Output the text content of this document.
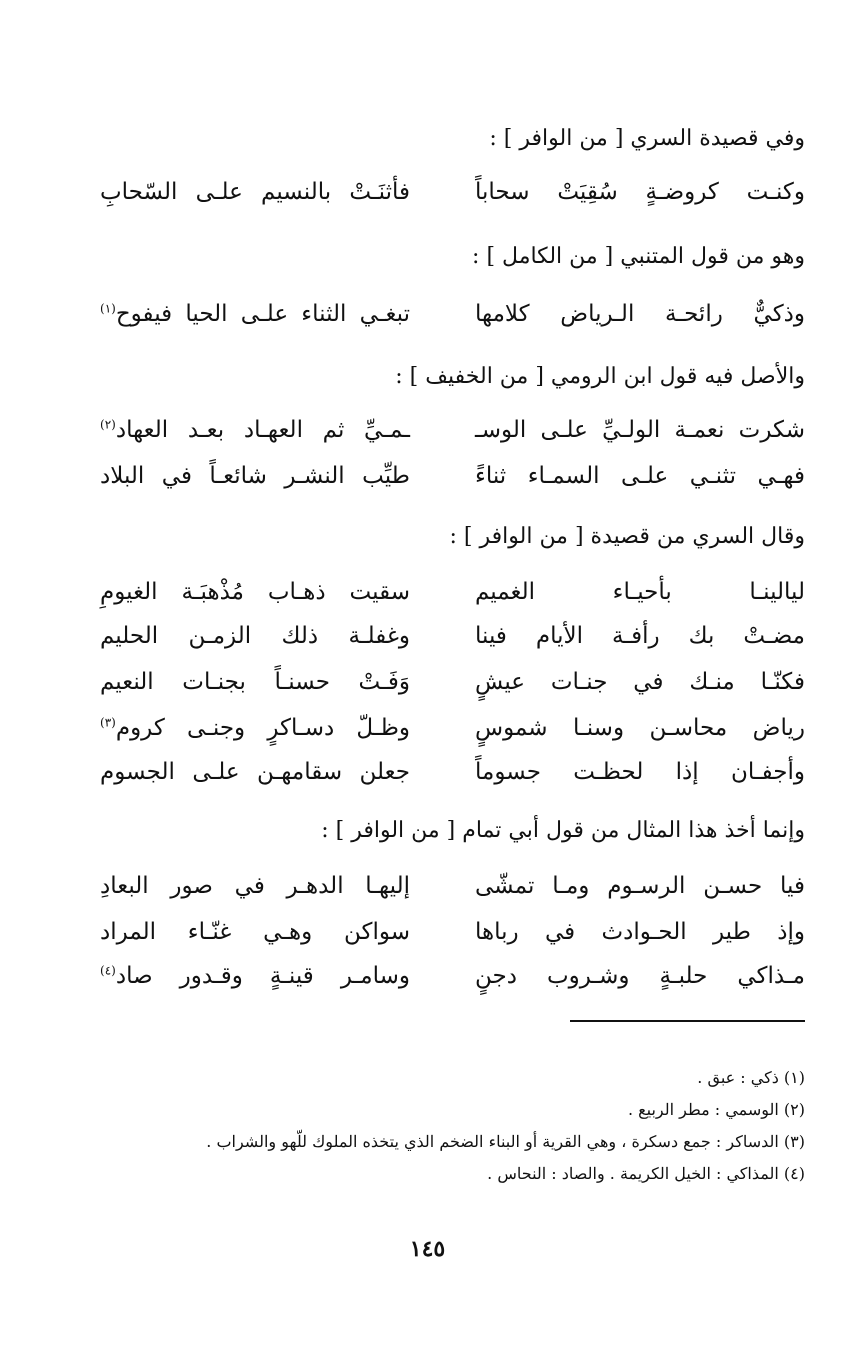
وفي قصيدة السري [ من الوافر ] :
وكنـت كروضـةٍ سُقِيَتْ سحاباً
فأثنَـتْ بالنسيم علـى السّحابِ
وهو من قول المتنبي [ من الكامل ] :
وذكيٌّ رائحـة الـرياض كلامها
تبغـي الثناء علـى الحيا فيفوح$^{(١)}$
والأصل فيه قول ابن الرومي [ من الخفيف ] :
شكرت نعمـة الولـيِّ علـى الوسـ
ـمـيِّ ثم العهـاد بعـد العهاد$^{(٢)}$
فهـي تثنـي علـى السمـاء ثناءً
طيِّب النشـر شائعـاً في البلاد
وقال السري من قصيدة [ من الوافر ] :
ليالينـا بأحيـاء الغميم
سقيت ذهـاب مُذْهبَـة الغيومِ
مضـتْ بك رأفـة الأيام فينا
وغفلـة ذلك الزمـن الحليم
فكنّـا منـك في جنـات عيشٍ
وَفَـتْ حسنـاً بجنـات النعيم
رياض محاسـن وسنـا شموسٍ
وظـلّ دسـاكرٍ وجنـى كروم$^{(٣)}$
وأجفـان إذا لحظـت جسوماً
جعلن سقامهـن علـى الجسوم
وإنما أخذ هذا المثال من قول أبي تمام [ من الوافر ] :
فيا حسـن الرسـوم ومـا تمشّى
إليهـا الدهـر في صور البعادِ
وإذ طير الحـوادث في رباها
سواكن وهـي غنّـاء المراد
مـذاكي حلبـةٍ وشـروب دجنٍ
وسامـر قينـةٍ وقـدور صاد$^{(٤)}$
(١) ذكي : عبق .
(٢) الوسمي : مطر الربيع .
(٣) الدساكر : جمع دسكرة ، وهي القرية أو البناء الضخم الذي يتخذه الملوك للّهو والشراب .
(٤) المذاكي : الخيل الكريمة . والصاد : النحاس .
١٤٥
